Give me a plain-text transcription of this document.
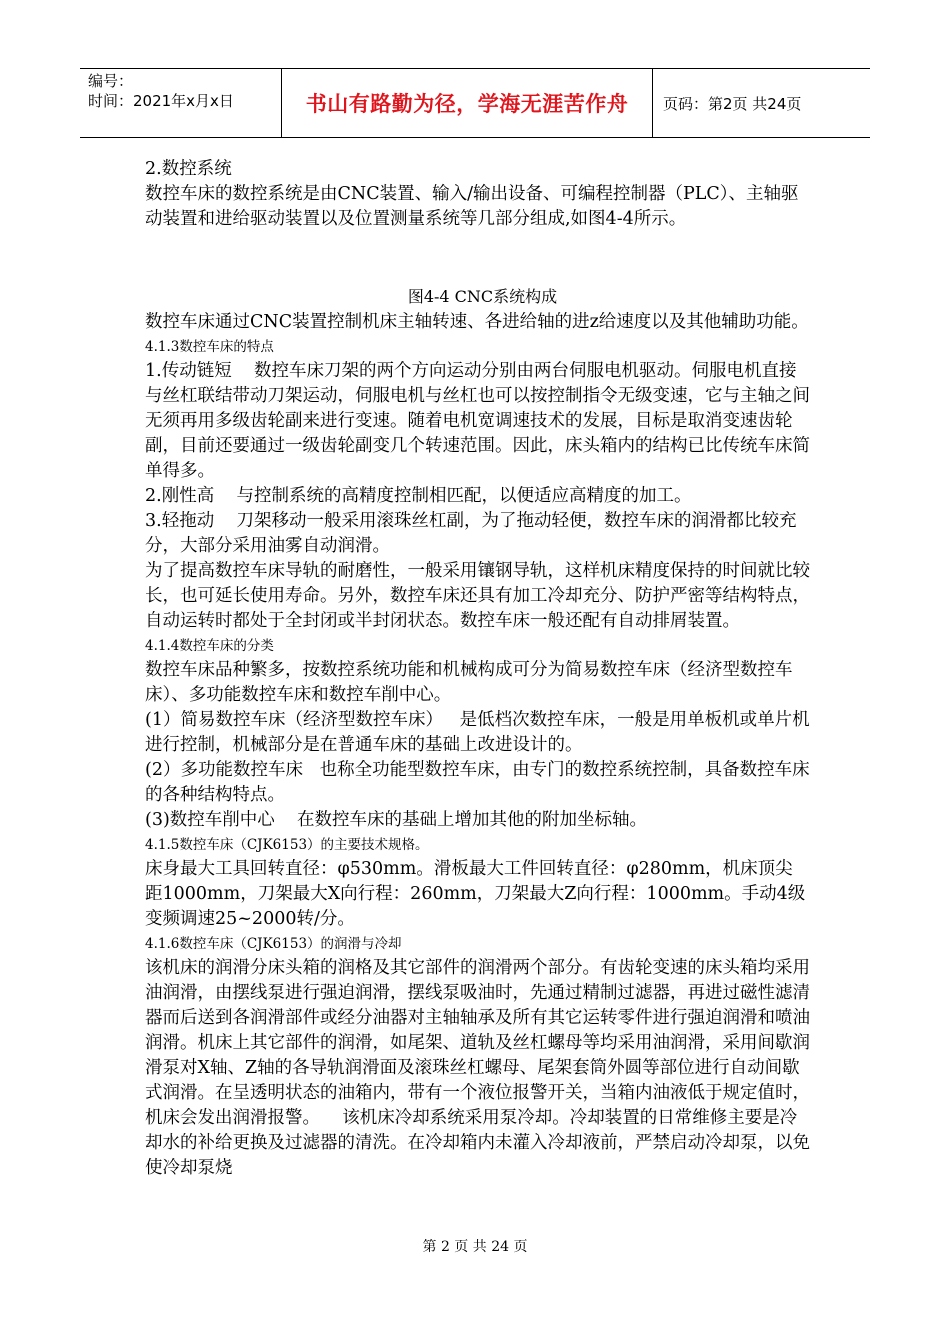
编号：
时间：2021年x月x日	书山有路勤为径，学海无涯苦作舟	页码：第2页 共24页

2.数控系统

数控车床的数控系统是由CNC装置、输入/输出设备、可编程控制器（PLC）、主轴驱动装置和进给驱动装置以及位置测量系统等几部分组成,如图4-4所示。

图4-4 CNC系统构成

数控车床通过CNC装置控制机床主轴转速、各进给轴的进z给速度以及其他辅助功能。

4.1.3数控车床的特点

1.传动链短    数控车床刀架的两个方向运动分别由两台伺服电机驱动。伺服电机直接与丝杠联结带动刀架运动，伺服电机与丝杠也可以按控制指令无级变速，它与主轴之间无须再用多级齿轮副来进行变速。随着电机宽调速技术的发展，目标是取消变速齿轮副，目前还要通过一级齿轮副变几个转速范围。因此，床头箱内的结构已比传统车床简单得多。

2.刚性高    与控制系统的高精度控制相匹配，以便适应高精度的加工。

3.轻拖动    刀架移动一般采用滚珠丝杠副，为了拖动轻便，数控车床的润滑都比较充分，大部分采用油雾自动润滑。

为了提高数控车床导轨的耐磨性，一般采用镶钢导轨，这样机床精度保持的时间就比较长，也可延长使用寿命。另外，数控车床还具有加工冷却充分、防护严密等结构特点，自动运转时都处于全封闭或半封闭状态。数控车床一般还配有自动排屑装置。

4.1.4数控车床的分类

数控车床品种繁多，按数控系统功能和机械构成可分为简易数控车床（经济型数控车床）、多功能数控车床和数控车削中心。

(1）简易数控车床（经济型数控车床）   是低档次数控车床，一般是用单板机或单片机进行控制，机械部分是在普通车床的基础上改进设计的。

(2）多功能数控车床   也称全功能型数控车床，由专门的数控系统控制，具备数控车床的各种结构特点。

(3)数控车削中心    在数控车床的基础上增加其他的附加坐标轴。

4.1.5数控车床（CJK6153）的主要技术规格。

床身最大工具回转直径：φ530mm。滑板最大工件回转直径：φ280mm，机床顶尖距1000mm，刀架最大X向行程：260mm，刀架最大Z向行程：1000mm。手动4级变频调速25~2000转/分。

4.1.6数控车床（CJK6153）的润滑与冷却

该机床的润滑分床头箱的润格及其它部件的润滑两个部分。有齿轮变速的床头箱均采用油润滑，由摆线泵进行强迫润滑，摆线泵吸油时，先通过精制过滤器，再进过磁性滤清器而后送到各润滑部件或经分油器对主轴轴承及所有其它运转零件进行强迫润滑和喷油润滑。机床上其它部件的润滑，如尾架、道轨及丝杠螺母等均采用油润滑，采用间歇润滑泵对X轴、Z轴的各导轨润滑面及滚珠丝杠螺母、尾架套筒外圆等部位进行自动间歇式润滑。在呈透明状态的油箱内，带有一个液位报警开关，当箱内油液低于规定值时，机床会发出润滑报警。    该机床冷却系统采用泵冷却。冷却装置的日常维修主要是冷却水的补给更换及过滤器的清洗。在冷却箱内未灌入冷却液前，严禁启动冷却泵，以免使冷却泵烧

第 2 页 共 24 页
